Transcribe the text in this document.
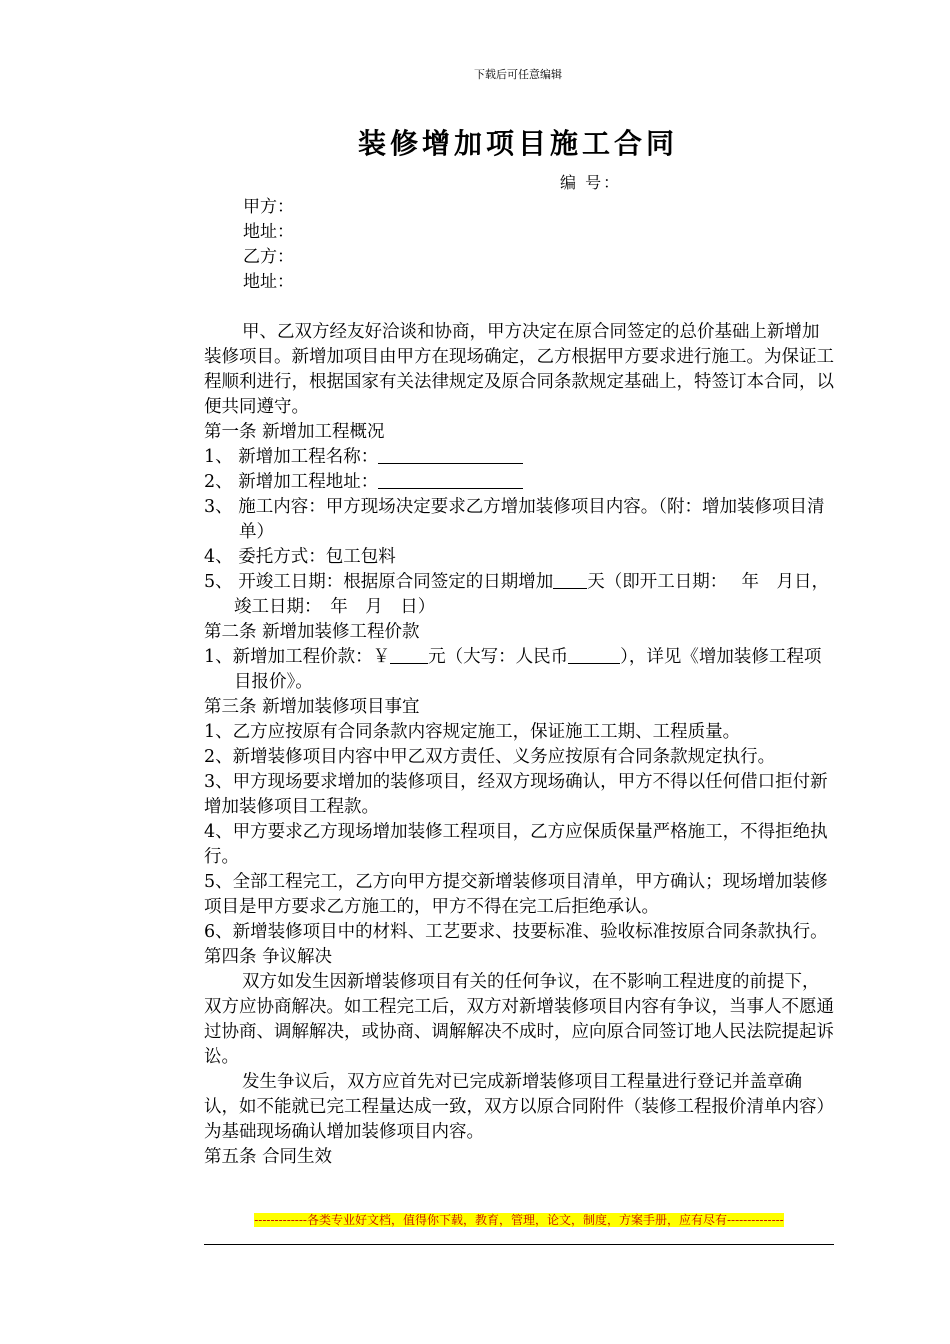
下载后可任意编辑
装修增加项目施工合同
编 号：
甲方：
地址：
乙方：
地址：

甲、乙双方经友好洽谈和协商，甲方决定在原合同签定的总价基础上新增加装修项目。新增加项目由甲方在现场确定，乙方根据甲方要求进行施工。为保证工程顺利进行，根据国家有关法律规定及原合同条款规定基础上，特签订本合同，以便共同遵守。

第一条 新增加工程概况

1、 新增加工程名称：

2、 新增加工程地址：

3、 施工内容：甲方现场决定要求乙方增加装修项目内容。（附：增加装修项目清单）

4、 委托方式：包工包料

5、 开竣工日期：根据原合同签定的日期增加 天（即开工日期：　 年　月日，竣工日期：　年　月　日）

第二条 新增加装修工程价款

1、新增加工程价款：￥ 元（大写：人民币	），详见《增加装修工程项目报价》。

第三条 新增加装修项目事宜

1、乙方应按原有合同条款内容规定施工，保证施工工期、工程质量。

2、新增装修项目内容中甲乙双方责任、义务应按原有合同条款规定执行。

3、甲方现场要求增加的装修项目，经双方现场确认，甲方不得以任何借口拒付新增加装修项目工程款。

4、甲方要求乙方现场增加装修工程项目，乙方应保质保量严格施工，不得拒绝执行。

5、全部工程完工，乙方向甲方提交新增装修项目清单，甲方确认；现场增加装修项目是甲方要求乙方施工的，甲方不得在完工后拒绝承认。

6、新增装修项目中的材料、工艺要求、技要标准、验收标准按原合同条款执行。

第四条 争议解决

双方如发生因新增装修项目有关的任何争议，在不影响工程进度的前提下，双方应协商解决。如工程完工后，双方对新增装修项目内容有争议，当事人不愿通过协商、调解解决，或协商、调解解决不成时，应向原合同签订地人民法院提起诉讼。

发生争议后，双方应首先对已完成新增装修项目工程量进行登记并盖章确认，如不能就已完工程量达成一致，双方以原合同附件（装修工程报价清单内容）为基础现场确认增加装修项目内容。

第五条 合同生效

-------------各类专业好文档，值得你下载，教育，管理，论文，制度，方案手册，应有尽有--------------
